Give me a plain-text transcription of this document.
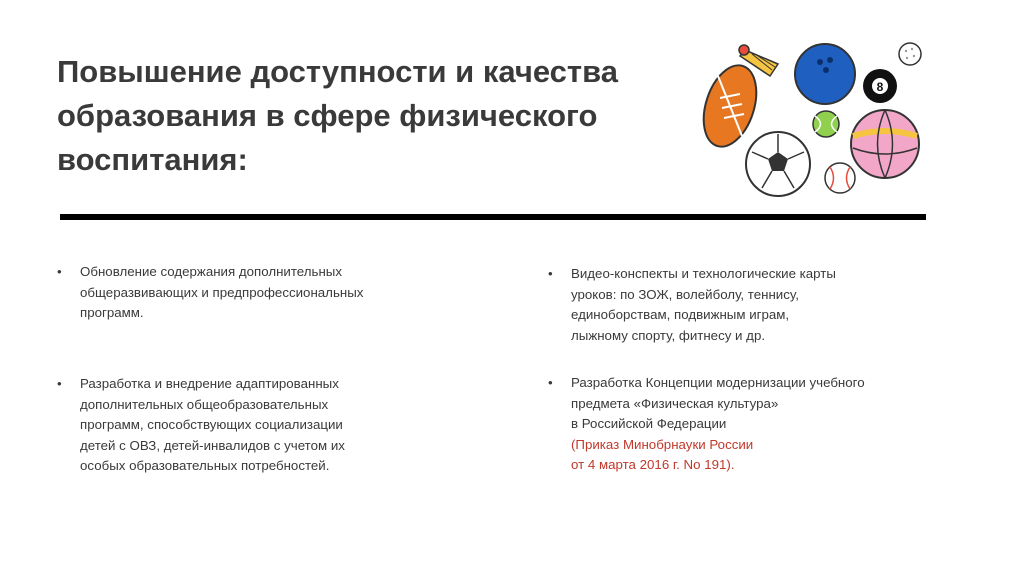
Повышение доступности и качества
образования в сфере физического
воспитания:
8
•	Обновление содержания дополнительных
общеразвивающих и предпрофессиональных
программ.
•	Разработка и внедрение адаптированных
дополнительных общеобразовательных
программ, способствующих социализации
детей с ОВЗ, детей-инвалидов с учетом их
особых образовательных потребностей.
•	Видео-конспекты и технологические карты
уроков: по ЗОЖ, волейболу, теннису,
единоборствам, подвижным играм,
лыжному спорту, фитнесу и др.
•	Разработка Концепции модернизации учебного
предмета «Физическая культура»
в Российской Федерации
(Приказ Минобрнауки России
от 4 марта 2016 г. No 191).
